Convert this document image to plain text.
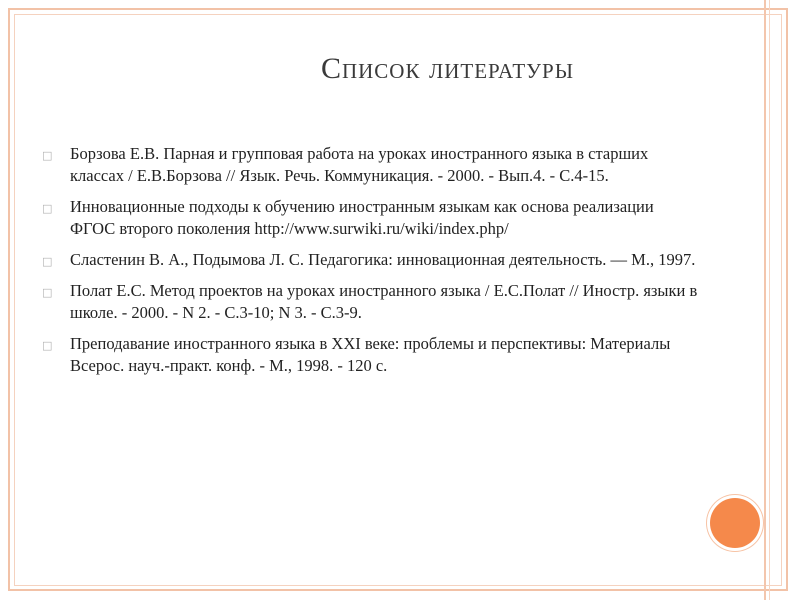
Список литературы
□ Борзова Е.В. Парная и групповая работа на уроках иностранного языка в старших классах / Е.В.Борзова // Язык. Речь. Коммуникация. - 2000. - Вып.4. - С.4-15.
□ Инновационные подходы к обучению иностранным языкам как основа реализации ФГОС второго поколения http://www.surwiki.ru/wiki/index.php/
□ Сластенин В. А., Подымова Л. С. Педагогика: инновационная деятельность. — М., 1997.
□ Полат Е.С. Метод проектов на уроках иностранного языка / Е.С.Полат // Иностр. языки в школе. - 2000. - N 2. - С.3-10; N 3. - С.3-9.
□ Преподавание иностранного языка в XXI веке: проблемы и перспективы: Материалы Всерос. науч.-практ. конф. - М., 1998. - 120 с.
